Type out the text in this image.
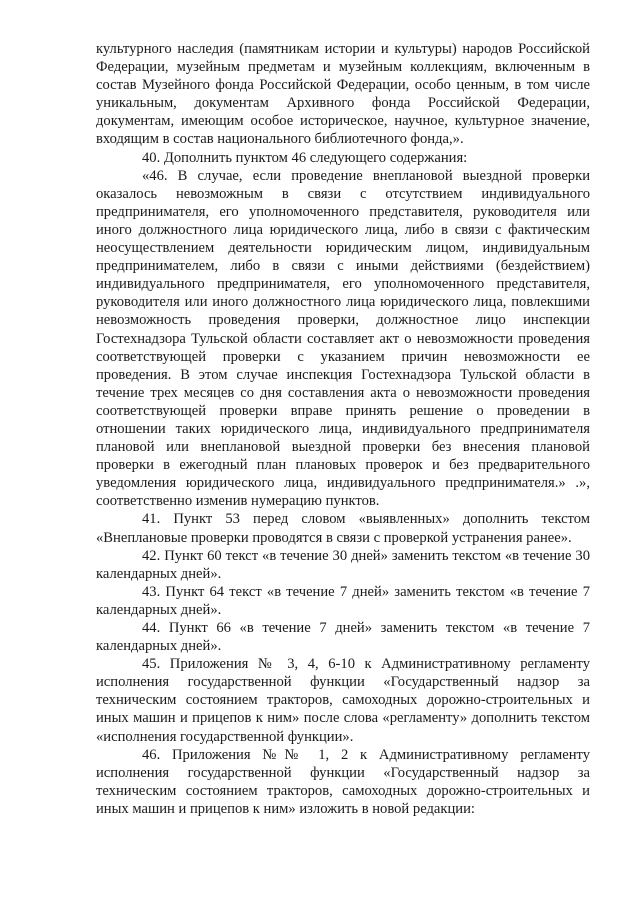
культурного наследия (памятникам истории и культуры) народов Российской Федерации, музейным предметам и музейным коллекциям, включенным в состав Музейного фонда Российской Федерации, особо ценным, в том числе уникальным, документам Архивного фонда Российской Федерации, документам, имеющим особое историческое, научное, культурное значение, входящим в состав национального библиотечного фонда,».

40. Дополнить пунктом 46 следующего содержания:

«46. В случае, если проведение внеплановой выездной проверки оказалось невозможным в связи с отсутствием индивидуального предпринимателя, его уполномоченного представителя, руководителя или иного должностного лица юридического лица, либо в связи с фактическим неосуществлением деятельности юридическим лицом, индивидуальным предпринимателем, либо в связи с иными действиями (бездействием) индивидуального предпринимателя, его уполномоченного представителя, руководителя или иного должностного лица юридического лица, повлекшими невозможность проведения проверки, должностное лицо инспекции Гостехнадзора Тульской области составляет акт о невозможности проведения соответствующей проверки с указанием причин невозможности ее проведения. В этом случае инспекция Гостехнадзора Тульской области в течение трех месяцев со дня составления акта о невозможности проведения соответствующей проверки вправе принять решение о проведении в отношении таких юридического лица, индивидуального предпринимателя плановой или внеплановой выездной проверки без внесения плановой проверки в ежегодный план плановых проверок и без предварительного уведомления юридического лица, индивидуального предпринимателя.» .», соответственно изменив нумерацию пунктов.

41. Пункт 53 перед словом «выявленных» дополнить текстом «Внеплановые проверки проводятся в связи с проверкой устранения ранее».

42. Пункт 60 текст «в течение 30 дней» заменить текстом «в течение 30 календарных дней».

43. Пункт 64 текст «в течение 7 дней» заменить текстом «в течение 7 календарных дней».

44. Пункт 66 «в течение 7 дней» заменить текстом «в течение 7 календарных дней».

45. Приложения № 3, 4, 6-10 к Административному регламенту исполнения государственной функции «Государственный надзор за техническим состоянием тракторов, самоходных дорожно-строительных и иных машин и прицепов к ним» после слова «регламенту» дополнить текстом «исполнения государственной функции».

46. Приложения №№ 1, 2 к Административному регламенту исполнения государственной функции «Государственный надзор за техническим состоянием тракторов, самоходных дорожно-строительных и иных машин и прицепов к ним» изложить в новой редакции:
